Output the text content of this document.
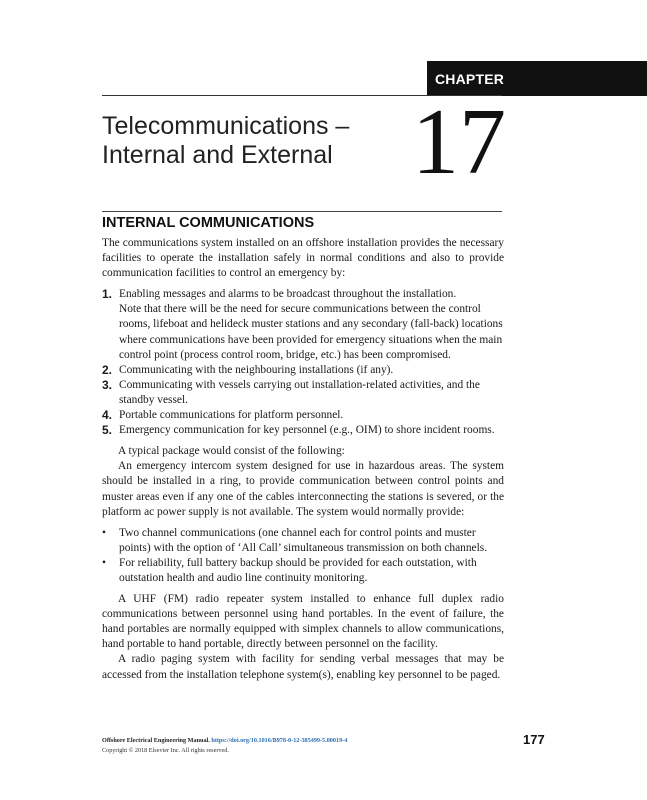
CHAPTER
Telecommunications –
Internal and External 17
INTERNAL COMMUNICATIONS

The communications system installed on an offshore installation provides the necessary facilities to operate the installation safely in normal conditions and also to provide communication facilities to control an emergency by:

1. Enabling messages and alarms to be broadcast throughout the installation.
Note that there will be the need for secure communications between the control rooms, lifeboat and helideck muster stations and any secondary (fall-back) locations where communications have been provided for emergency situations when the main control point (process control room, bridge, etc.) has been compromised.
2. Communicating with the neighbouring installations (if any).
3. Communicating with vessels carrying out installation-related activities, and the standby vessel.
4. Portable communications for platform personnel.
5. Emergency communication for key personnel (e.g., OIM) to shore incident rooms.

A typical package would consist of the following:

An emergency intercom system designed for use in hazardous areas. The system should be installed in a ring, to provide communication between control points and muster areas even if any one of the cables interconnecting the stations is severed, or the platform ac power supply is not available. The system would normally provide:

•	Two channel communications (one channel each for control points and muster points) with the option of ‘All Call’ simultaneous transmission on both channels.
•	For reliability, full battery backup should be provided for each outstation, with outstation health and audio line continuity monitoring.

A UHF (FM) radio repeater system installed to enhance full duplex radio communications between personnel using hand portables. In the event of failure, the hand portables are normally equipped with simplex channels to allow communications, hand portable to hand portable, directly between personnel on the facility.

A radio paging system with facility for sending verbal messages that may be accessed from the installation telephone system(s), enabling key personnel to be paged.

Offshore Electrical Engineering Manual. https://doi.org/10.1016/B978-0-12-385499-5.00019-4
Copyright © 2018 Elsevier Inc. All rights reserved.
177
